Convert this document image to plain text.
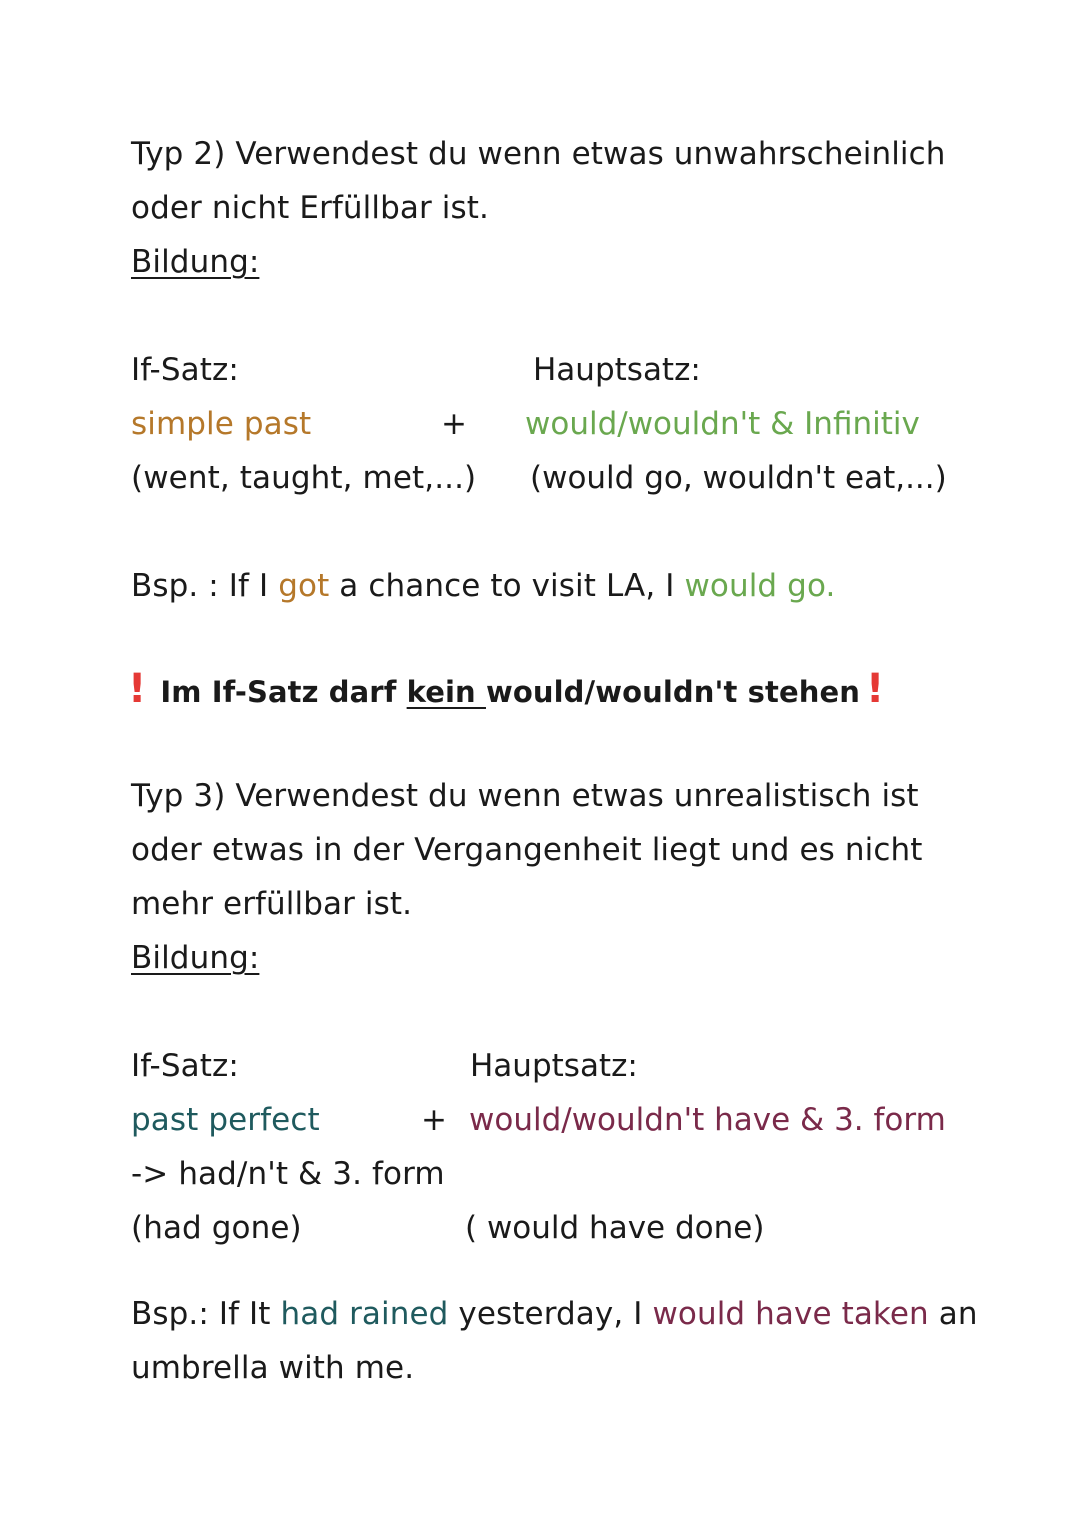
Typ 2) Verwendest du wenn etwas unwahrscheinlich
oder nicht Erfüllbar ist.
Bildung:
If-Satz:	Hauptsatz:
simple past	+ would/wouldn't & Infinitiv
(went, taught, met,...) (would go, wouldn't eat,...)
Bsp. : If I got a chance to visit LA, I would go.
! Im If-Satz darf kein would/wouldn't stehen !
Typ 3) Verwendest du wenn etwas unrealistisch ist
oder etwas in der Vergangenheit liegt und es nicht
mehr erfüllbar ist.
Bildung:
If-Satz:	Hauptsatz:
past perfect	+ would/wouldn't have & 3. form
-> had/n't & 3. form
(had gone)	( would have done)
Bsp.: If It had rained yesterday, I would have taken an
umbrella with me.
